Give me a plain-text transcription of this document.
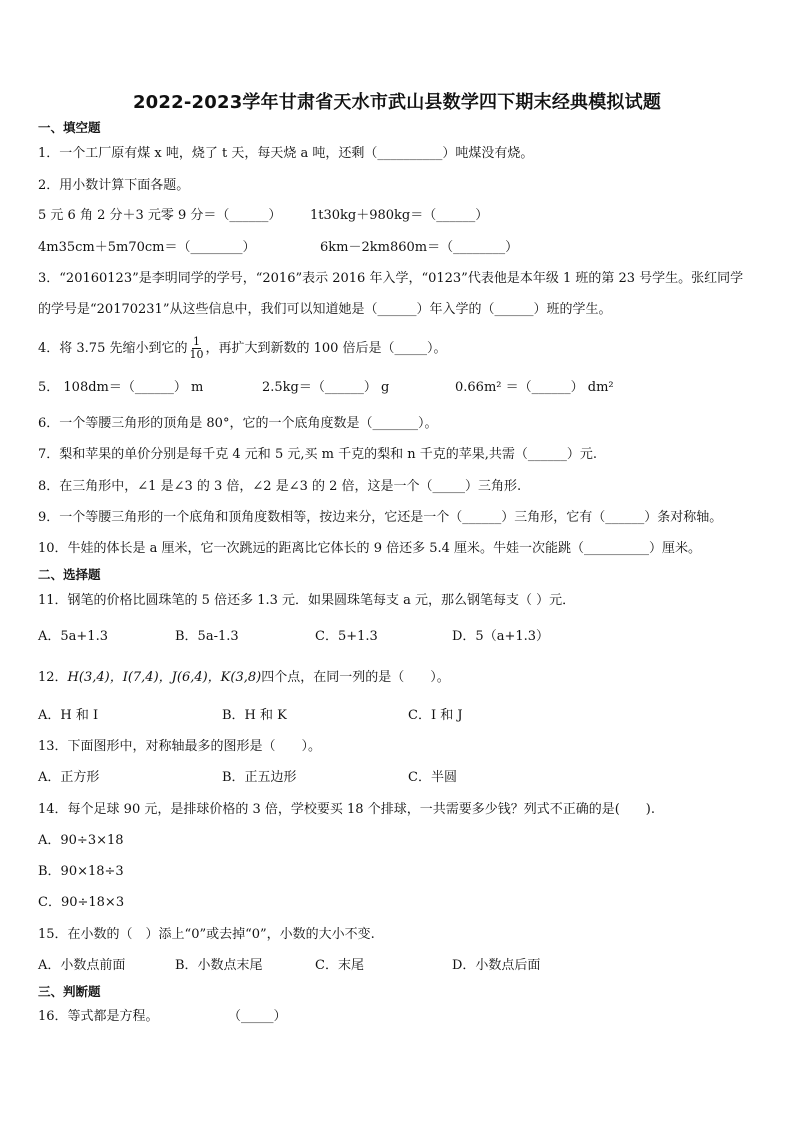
2022-2023学年甘肃省天水市武山县数学四下期末经典模拟试题
一、填空题
1．一个工厂原有煤 x 吨，烧了 t 天，每天烧 a 吨，还剩（__________）吨煤没有烧。
2．用小数计算下面各题。
5 元 6 角 2 分＋3 元零 9 分＝（______） 1t30kg＋980kg＝（______）
4m35cm＋5m70cm＝（________）	6km－2km860m＝（________）
3．“20160123”是李明同学的学号，“2016”表示 2016 年入学，“0123”代表他是本年级 1 班的第 23 号学生。张红同学
的学号是“20170231”从这些信息中，我们可以知道她是（______）年入学的（______）班的学生。
4．将 3.75 先缩小到它的 $\frac{1}{10}$ ，再扩大到新数的 100 倍后是（_____）。
5． 108dm＝（______） m	2.5kg＝（______） g	0.66m² ＝（______） dm²
6．一个等腰三角形的顶角是 80°，它的一个底角度数是（_______）。
7．梨和苹果的单价分别是每千克 4 元和 5 元,买 m 千克的梨和 n 千克的苹果,共需（______）元.
8．在三角形中，∠1 是∠3 的 3 倍，∠2 是∠3 的 2 倍，这是一个（_____）三角形.
9．一个等腰三角形的一个底角和顶角度数相等，按边来分，它还是一个（______）三角形，它有（______）条对称轴。
10．牛娃的体长是 a 厘米，它一次跳远的距离比它体长的 9 倍还多 5.4 厘米。牛娃一次能跳（__________）厘米。
二、选择题
11．钢笔的价格比圆珠笔的 5 倍还多 1.3 元．如果圆珠笔每支 a 元，那么钢笔每支（ ）元．
A．5a+1.3	B．5a-1.3	C．5+1.3	D．5（a+1.3）
12．H(3,4)，I(7,4)，J(6,4)，K(3,8)四个点，在同一列的是（　　）。
A．H 和 I	B．H 和 K	C．I 和 J
13．下面图形中，对称轴最多的图形是（　　）。
A．正方形	B．正五边形	C．半圆
14．每个足球 90 元，是排球价格的 3 倍，学校要买 18 个排球，一共需要多少钱？列式不正确的是(　　).
A．90÷3×18
B．90×18÷3
C．90÷18×3
15．在小数的（　）添上“0”或去掉“0”，小数的大小不变.
A．小数点前面	B．小数点末尾	C．末尾	D．小数点后面
三、判断题
16．等式都是方程。	（_____）
